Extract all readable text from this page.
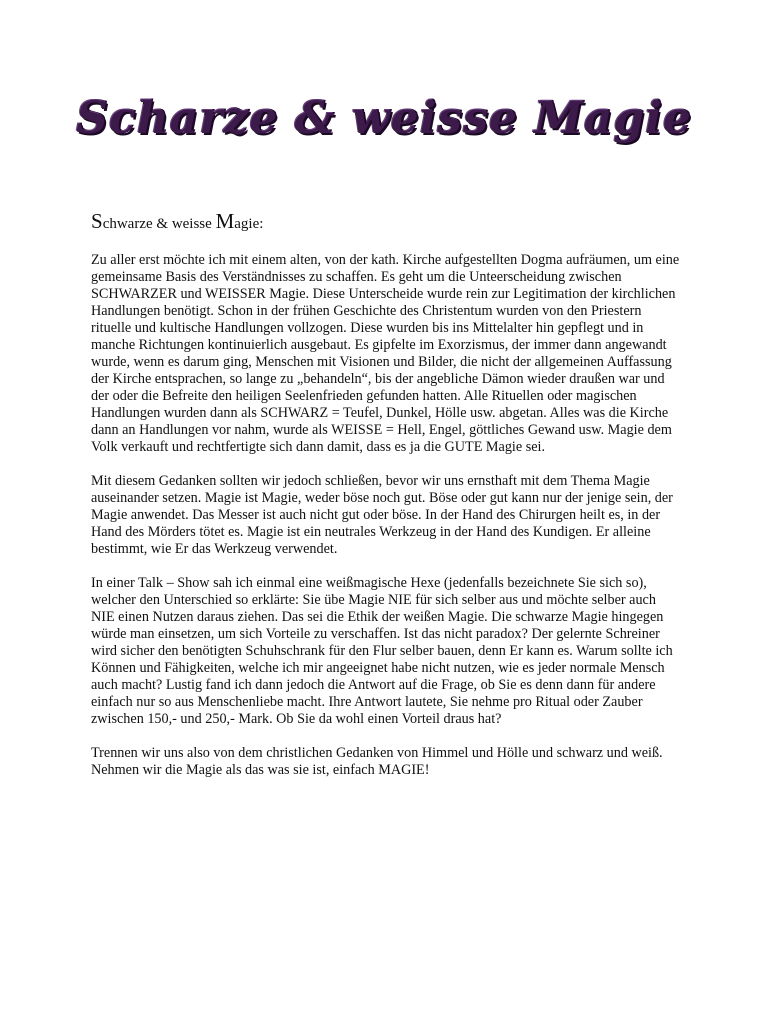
Scharze & weisse Magie
Schwarze & weisse Magie:

Zu aller erst möchte ich mit einem alten, von der kath. Kirche aufgestellten Dogma aufräumen, um eine gemeinsame Basis des Verständnisses zu schaffen. Es geht um die Unteerscheidung zwischen SCHWARZER und WEISSER Magie. Diese Unterscheide wurde rein zur Legitimation der kirchlichen Handlungen benötigt. Schon in der frühen Geschichte des Christentum wurden von den Priestern rituelle und kultische Handlungen vollzogen. Diese wurden bis ins Mittelalter hin gepflegt und in manche Richtungen kontinuierlich ausgebaut. Es gipfelte im Exorzismus, der immer dann angewandt wurde, wenn es darum ging, Menschen mit Visionen und Bilder, die nicht der allgemeinen Auffassung der Kirche entsprachen, so lange zu „behandeln“, bis der angebliche Dämon wieder draußen war und der oder die Befreite den heiligen Seelenfrieden gefunden hatten. Alle Rituellen oder magischen Handlungen wurden dann als SCHWARZ = Teufel, Dunkel, Hölle usw. abgetan. Alles was die Kirche dann an Handlungen vor nahm, wurde als WEISSE = Hell, Engel, göttliches Gewand usw. Magie dem Volk verkauft und rechtfertigte sich dann damit, dass es ja die GUTE Magie sei.

Mit diesem Gedanken sollten wir jedoch schließen, bevor wir uns ernsthaft mit dem Thema Magie auseinander setzen. Magie ist Magie, weder böse noch gut. Böse oder gut kann nur der jenige sein, der Magie anwendet. Das Messer ist auch nicht gut oder böse. In der Hand des Chirurgen heilt es, in der Hand des Mörders tötet es. Magie ist ein neutrales Werkzeug in der Hand des Kundigen. Er alleine bestimmt, wie Er das Werkzeug verwendet.

In einer Talk – Show sah ich einmal eine weißmagische Hexe (jedenfalls bezeichnete Sie sich so), welcher den Unterschied so erklärte: Sie übe Magie NIE für sich selber aus und möchte selber auch NIE einen Nutzen daraus ziehen. Das sei die Ethik der weißen Magie. Die schwarze Magie hingegen würde man einsetzen, um sich Vorteile zu verschaffen. Ist das nicht paradox? Der gelernte Schreiner wird sicher den benötigten Schuhschrank für den Flur selber bauen, denn Er kann es. Warum sollte ich Können und Fähigkeiten, welche ich mir angeeignet habe nicht nutzen, wie es jeder normale Mensch auch macht? Lustig fand ich dann jedoch die Antwort auf die Frage, ob Sie es denn dann für andere einfach nur so aus Menschenliebe macht. Ihre Antwort lautete, Sie nehme pro Ritual oder Zauber zwischen 150,- und 250,- Mark. Ob Sie da wohl einen Vorteil draus hat?

Trennen wir uns also von dem christlichen Gedanken von Himmel und Hölle und schwarz und weiß. Nehmen wir die Magie als das was sie ist, einfach MAGIE!
